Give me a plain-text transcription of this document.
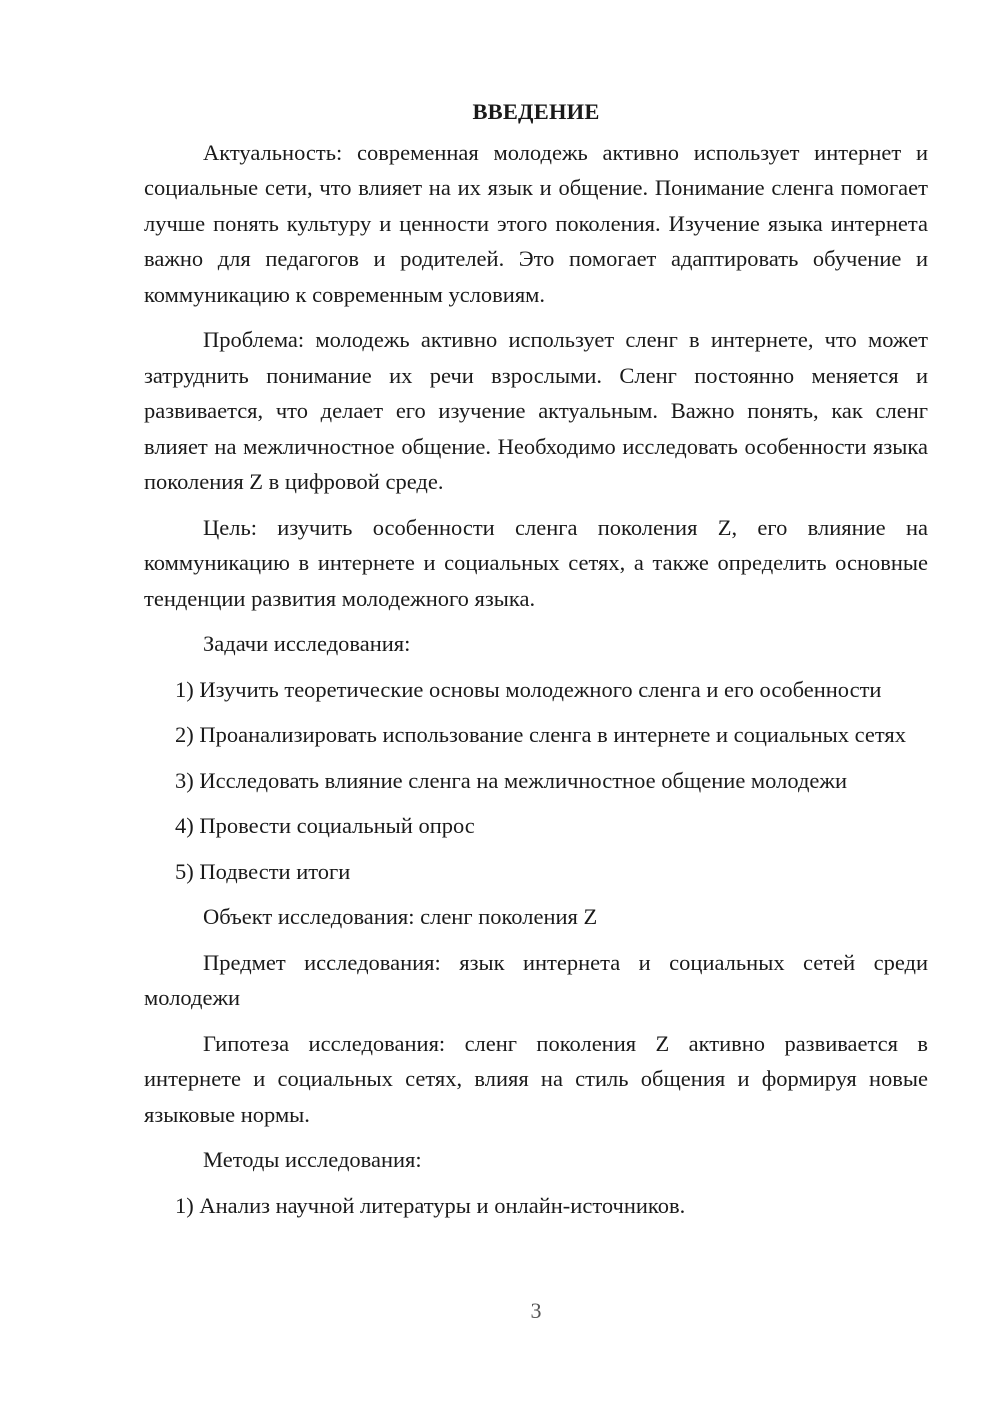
ВВЕДЕНИЕ

Актуальность: современная молодежь активно использует интернет и социальные сети, что влияет на их язык и общение. Понимание сленга помогает лучше понять культуру и ценности этого поколения. Изучение языка интернета важно для педагогов и родителей. Это помогает адаптировать обучение и коммуникацию к современным условиям.

Проблема: молодежь активно использует сленг в интернете, что может затруднить понимание их речи взрослыми. Сленг постоянно меняется и развивается, что делает его изучение актуальным. Важно понять, как сленг влияет на межличностное общение. Необходимо исследовать особенности языка поколения Z в цифровой среде.

Цель: изучить особенности сленга поколения Z, его влияние на коммуникацию в интернете и социальных сетях, а также определить основные тенденции развития молодежного языка.

Задачи исследования:

1) Изучить теоретические основы молодежного сленга и его особенности

2) Проанализировать использование сленга в интернете и социальных сетях

3) Исследовать влияние сленга на межличностное общение молодежи

4) Провести социальный опрос

5) Подвести итоги

Объект исследования: сленг поколения Z

Предмет исследования: язык интернета и социальных сетей среди молодежи

Гипотеза исследования: сленг поколения Z активно развивается в интернете и социальных сетях, влияя на стиль общения и формируя новые языковые нормы.

Методы исследования:

1) Анализ научной литературы и онлайн-источников.

3
